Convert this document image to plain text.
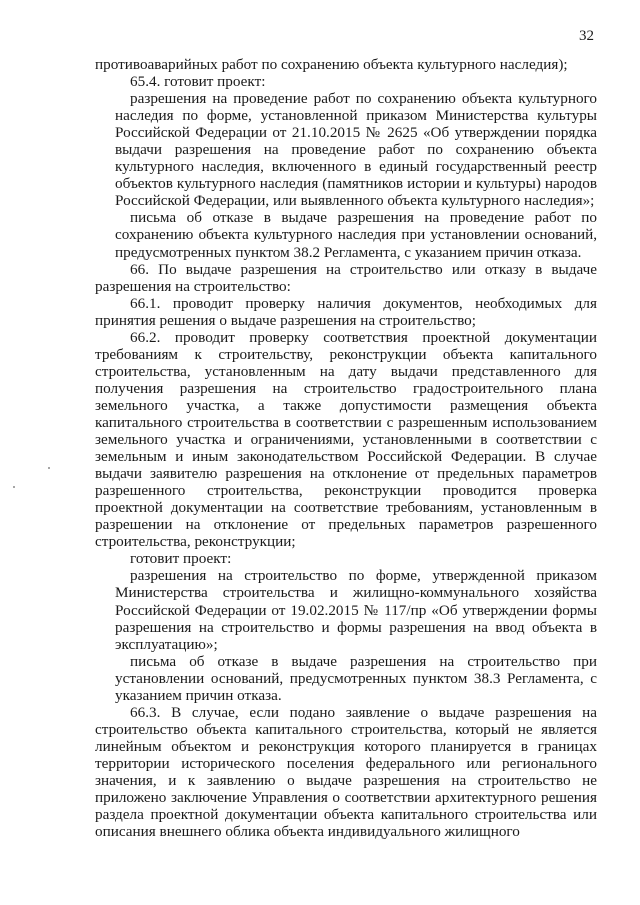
32

противоаварийных работ по сохранению объекта культурного наследия);

65.4. готовит проект:

разрешения на проведение работ по сохранению объекта культурного наследия по форме, установленной приказом Министерства культуры Российской Федерации от 21.10.2015 № 2625 «Об утверждении порядка выдачи разрешения на проведение работ по сохранению объекта культурного наследия, включенного в единый государственный реестр объектов культурного наследия (памятников истории и культуры) народов Российской Федерации, или выявленного объекта культурного наследия»;

письма об отказе в выдаче разрешения на проведение работ по сохранению объекта культурного наследия при установлении оснований, предусмотренных пунктом 38.2 Регламента, с указанием причин отказа.

66. По выдаче разрешения на строительство или отказу в выдаче разрешения на строительство:

66.1. проводит проверку наличия документов, необходимых для принятия решения о выдаче разрешения на строительство;

66.2. проводит проверку соответствия проектной документации требованиям к строительству, реконструкции объекта капитального строительства, установленным на дату выдачи представленного для получения разрешения на строительство градостроительного плана земельного участка, а также допустимости размещения объекта капитального строительства в соответствии с разрешенным использованием земельного участка и ограничениями, установленными в соответствии с земельным и иным законодательством Российской Федерации. В случае выдачи заявителю разрешения на отклонение от предельных параметров разрешенного строительства, реконструкции проводится проверка проектной документации на соответствие требованиям, установленным в разрешении на отклонение от предельных параметров разрешенного строительства, реконструкции;

готовит проект:

разрешения на строительство по форме, утвержденной приказом Министерства строительства и жилищно-коммунального хозяйства Российской Федерации от 19.02.2015 № 117/пр «Об утверждении формы разрешения на строительство и формы разрешения на ввод объекта в эксплуатацию»;

письма об отказе в выдаче разрешения на строительство при установлении оснований, предусмотренных пунктом 38.3 Регламента, с указанием причин отказа.

66.3. В случае, если подано заявление о выдаче разрешения на строительство объекта капитального строительства, который не является линейным объектом и реконструкция которого планируется в границах территории исторического поселения федерального или регионального значения, и к заявлению о выдаче разрешения на строительство не приложено заключение Управления о соответствии архитектурного решения раздела проектной документации объекта капитального строительства или описания внешнего облика объекта индивидуального жилищного
